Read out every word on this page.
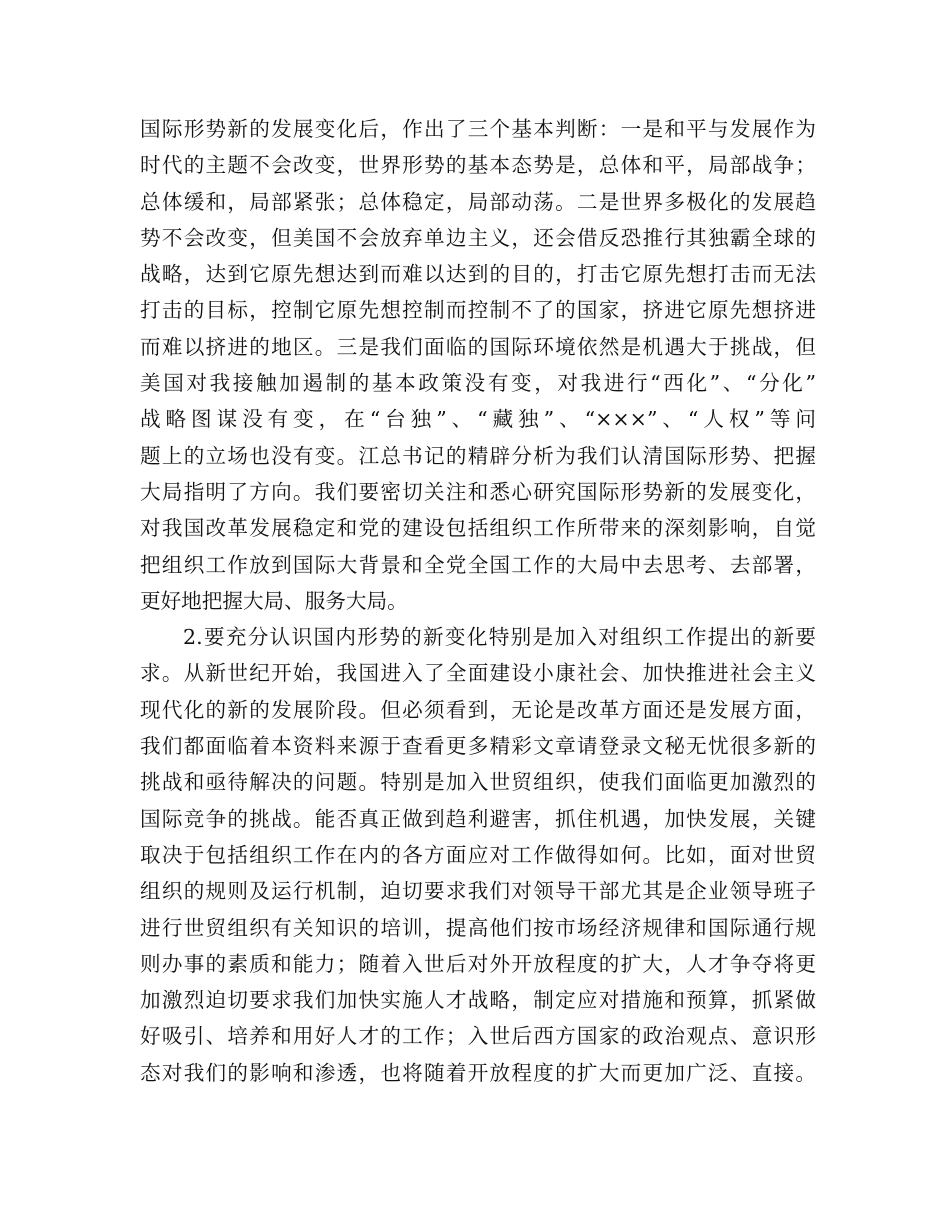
国际形势新的发展变化后，作出了三个基本判断：一是和平与发展作为
时代的主题不会改变，世界形势的基本态势是，总体和平，局部战争；
总体缓和，局部紧张；总体稳定，局部动荡。二是世界多极化的发展趋
势不会改变，但美国不会放弃单边主义，还会借反恐推行其独霸全球的
战略，达到它原先想达到而难以达到的目的，打击它原先想打击而无法
打击的目标，控制它原先想控制而控制不了的国家，挤进它原先想挤进
而难以挤进的地区。三是我们面临的国际环境依然是机遇大于挑战，但
美国对我接触加遏制的基本政策没有变，对我进行“西化”、“分化”
战略图谋没有变，在“台独”、“藏独”、“×××”、“人权”等问
题上的立场也没有变。江总书记的精辟分析为我们认清国际形势、把握
大局指明了方向。我们要密切关注和悉心研究国际形势新的发展变化，
对我国改革发展稳定和党的建设包括组织工作所带来的深刻影响，自觉
把组织工作放到国际大背景和全党全国工作的大局中去思考、去部署，
更好地把握大局、服务大局。
2.要充分认识国内形势的新变化特别是加入对组织工作提出的新要
求。从新世纪开始，我国进入了全面建设小康社会、加快推进社会主义
现代化的新的发展阶段。但必须看到，无论是改革方面还是发展方面，
我们都面临着本资料来源于查看更多精彩文章请登录文秘无忧很多新的
挑战和亟待解决的问题。特别是加入世贸组织，使我们面临更加激烈的
国际竞争的挑战。能否真正做到趋利避害，抓住机遇，加快发展，关键
取决于包括组织工作在内的各方面应对工作做得如何。比如，面对世贸
组织的规则及运行机制，迫切要求我们对领导干部尤其是企业领导班子
进行世贸组织有关知识的培训，提高他们按市场经济规律和国际通行规
则办事的素质和能力；随着入世后对外开放程度的扩大，人才争夺将更
加激烈迫切要求我们加快实施人才战略，制定应对措施和预算，抓紧做
好吸引、培养和用好人才的工作；入世后西方国家的政治观点、意识形
态对我们的影响和渗透，也将随着开放程度的扩大而更加广泛、直接。
